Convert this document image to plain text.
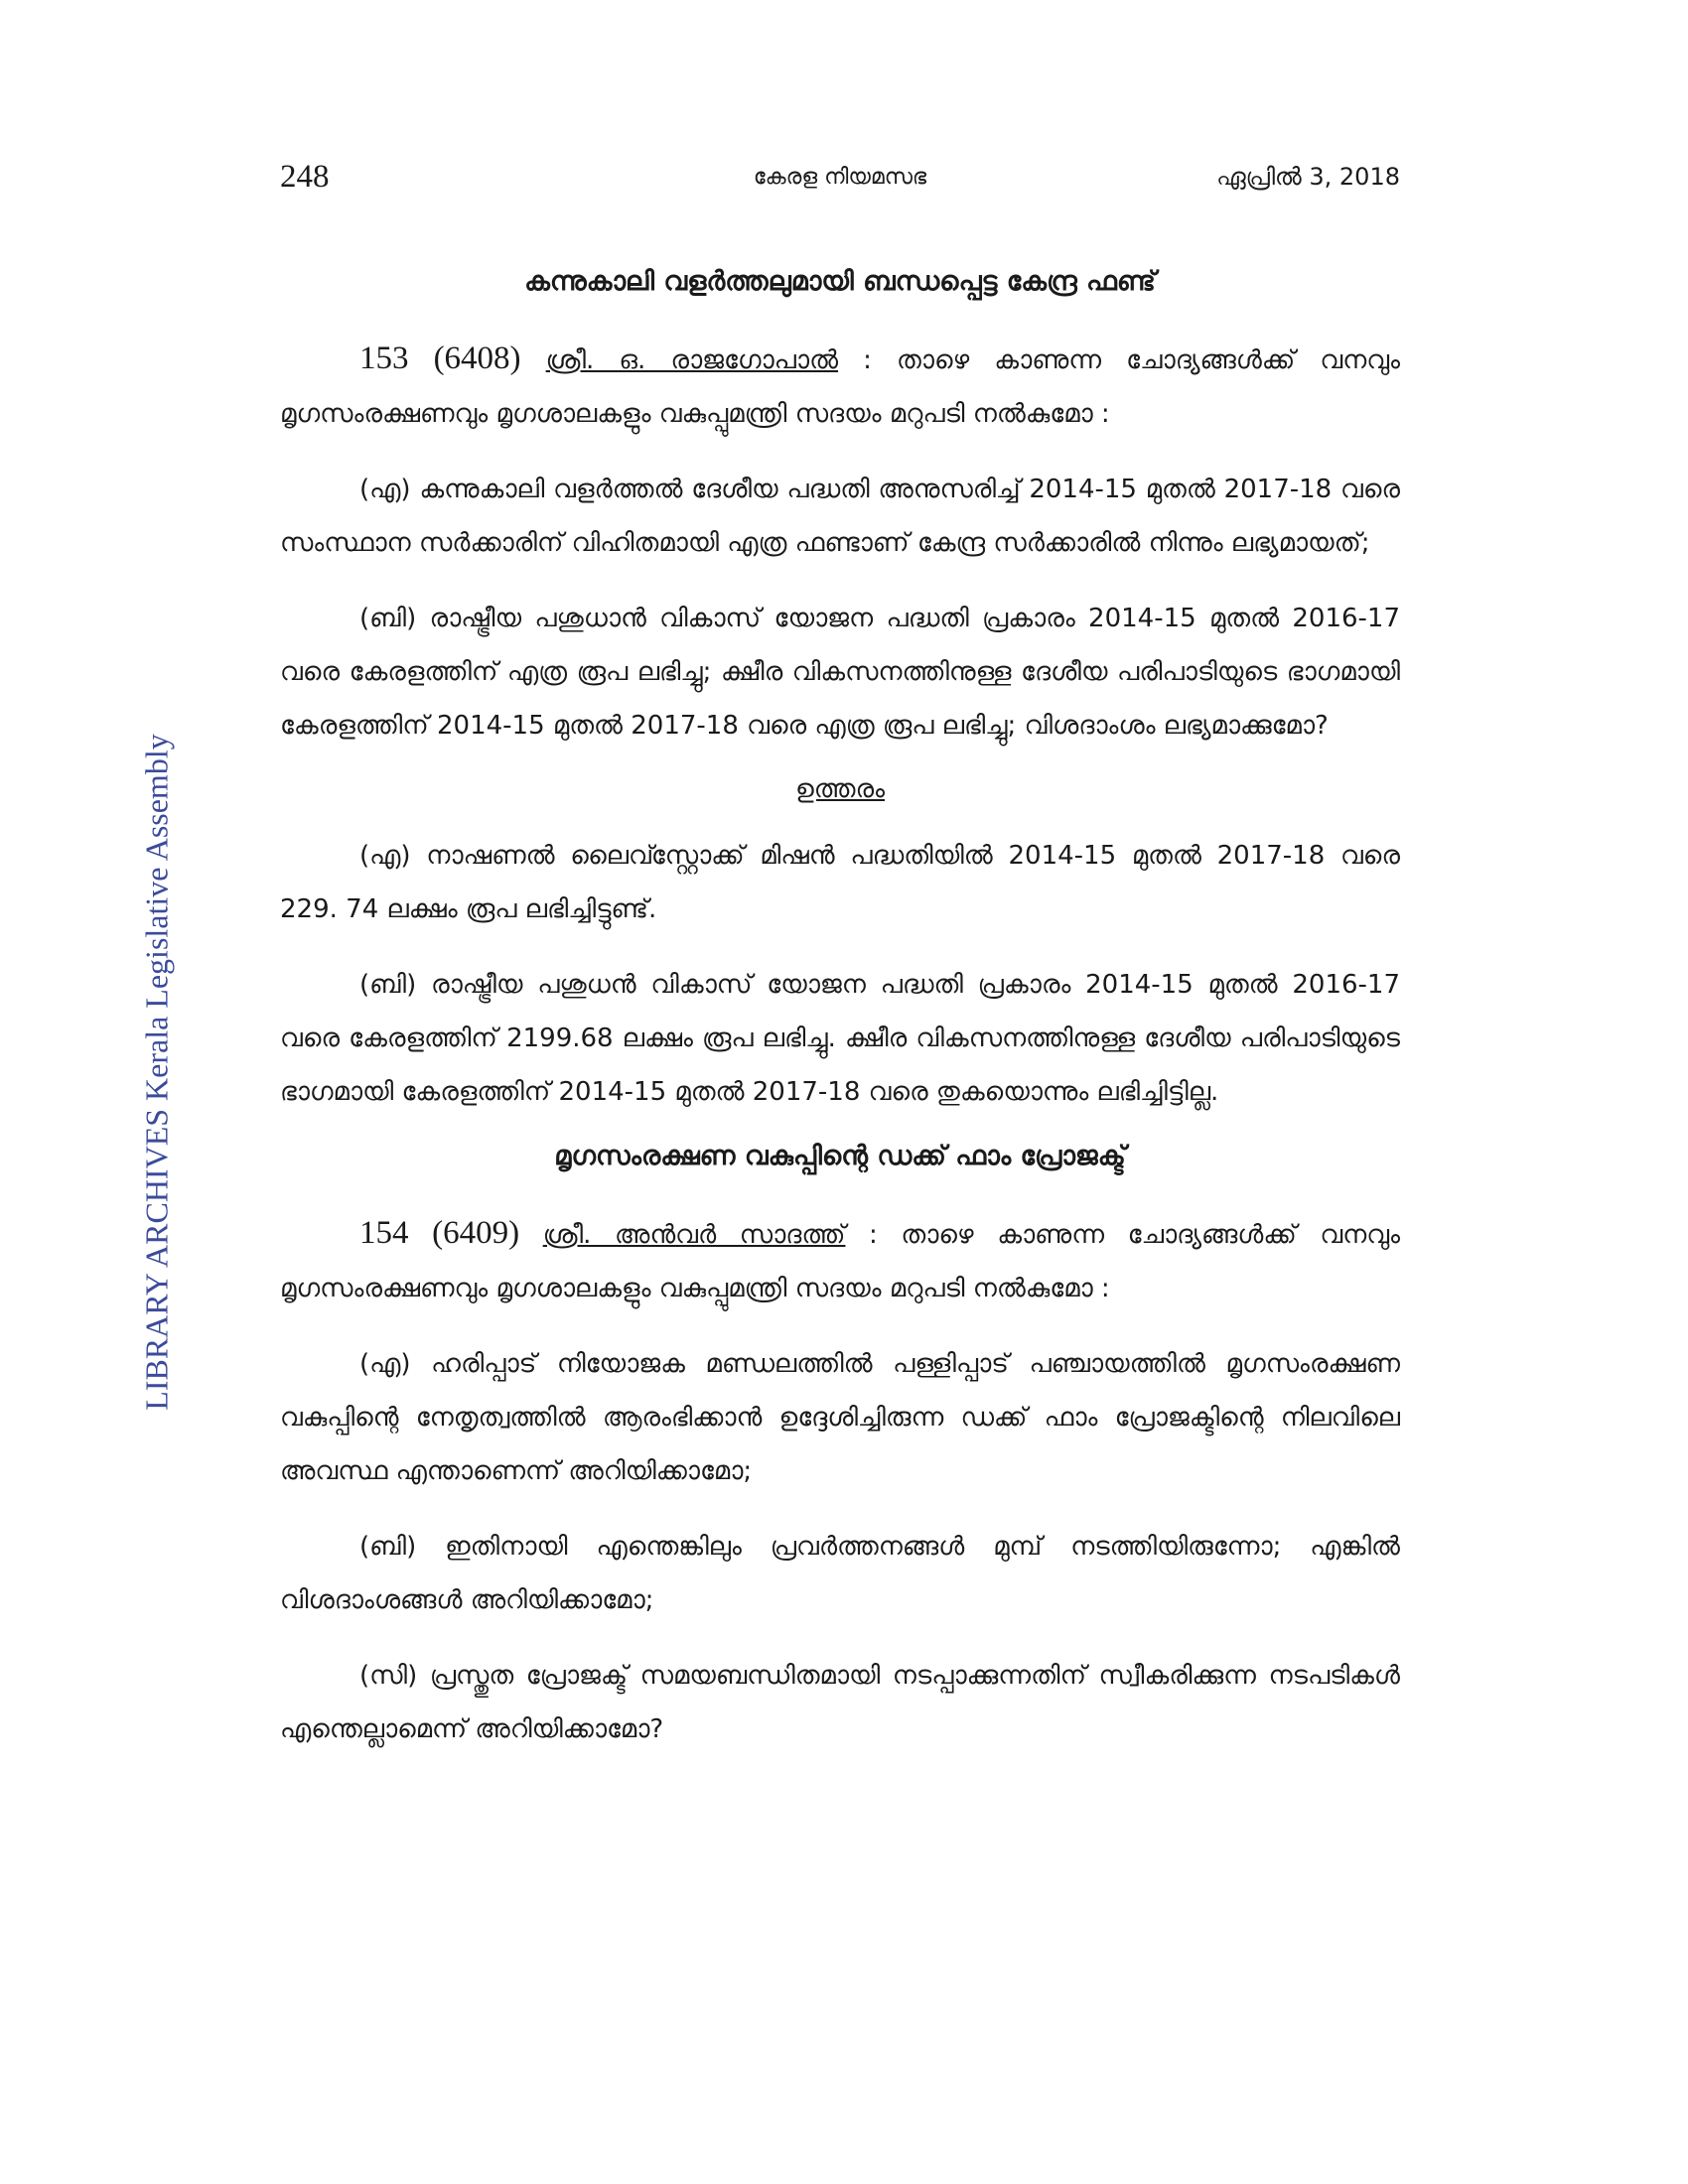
248	കേരള നിയമസഭ	ഏപ്രിൽ 3, 2018
LIBRARY ARCHIVES Kerala Legislative Assembly
കന്നുകാലി വളർത്തലുമായി ബന്ധപ്പെട്ട കേന്ദ്ര ഫണ്ട്

153 (6408) ശ്രീ. ഒ. രാജഗോപാൽ : താഴെ കാണുന്ന ചോദ്യങ്ങൾക്ക് വനവും മൃഗസംരക്ഷണവും മൃഗശാലകളും വകുപ്പുമന്ത്രി സദയം മറുപടി നൽകുമോ :

(എ) കന്നുകാലി വളർത്തൽ ദേശീയ പദ്ധതി അനുസരിച്ച് 2014-15 മുതൽ 2017-18 വരെ സംസ്ഥാന സർക്കാരിന് വിഹിതമായി എത്ര ഫണ്ടാണ് കേന്ദ്ര സർക്കാരിൽ നിന്നും ലഭ്യമായത്;

(ബി) രാഷ്ട്രീയ പശുധാൻ വികാസ് യോജന പദ്ധതി പ്രകാരം 2014-15 മുതൽ 2016-17 വരെ കേരളത്തിന് എത്ര രൂപ ലഭിച്ചു; ക്ഷീര വികസനത്തിനുള്ള ദേശീയ പരിപാടിയുടെ ഭാഗമായി കേരളത്തിന് 2014-15 മുതൽ 2017-18 വരെ എത്ര രൂപ ലഭിച്ചു; വിശദാംശം ലഭ്യമാക്കുമോ?

ഉത്തരം

(എ) നാഷണൽ ലൈവ്സ്റ്റോക്ക് മിഷൻ പദ്ധതിയിൽ 2014-15 മുതൽ 2017-18 വരെ 229. 74 ലക്ഷം രൂപ ലഭിച്ചിട്ടുണ്ട്.

(ബി) രാഷ്ട്രീയ പശുധൻ വികാസ് യോജന പദ്ധതി പ്രകാരം 2014-15 മുതൽ 2016-17 വരെ കേരളത്തിന് 2199.68 ലക്ഷം രൂപ ലഭിച്ചു. ക്ഷീര വികസനത്തിനുള്ള ദേശീയ പരിപാടിയുടെ ഭാഗമായി കേരളത്തിന് 2014-15 മുതൽ 2017-18 വരെ തുകയൊന്നും ലഭിച്ചിട്ടില്ല.

മൃഗസംരക്ഷണ വകുപ്പിന്റെ ഡക്ക് ഫാം പ്രോജക്ട്

154 (6409) ശ്രീ. അൻവർ സാദത്ത് : താഴെ കാണുന്ന ചോദ്യങ്ങൾക്ക് വനവും മൃഗസംരക്ഷണവും മൃഗശാലകളും വകുപ്പുമന്ത്രി സദയം മറുപടി നൽകുമോ :

(എ) ഹരിപ്പാട് നിയോജക മണ്ഡലത്തിൽ പള്ളിപ്പാട് പഞ്ചായത്തിൽ മൃഗസംരക്ഷണ വകുപ്പിന്റെ നേതൃത്വത്തിൽ ആരംഭിക്കാൻ ഉദ്ദേശിച്ചിരുന്ന ഡക്ക് ഫാം പ്രോജക്ടിന്റെ നിലവിലെ അവസ്ഥ എന്താണെന്ന് അറിയിക്കാമോ;

(ബി) ഇതിനായി എന്തെങ്കിലും പ്രവർത്തനങ്ങൾ മുമ്പ് നടത്തിയിരുന്നോ; എങ്കിൽ വിശദാംശങ്ങൾ അറിയിക്കാമോ;

(സി) പ്രസ്തുത പ്രോജക്ട് സമയബന്ധിതമായി നടപ്പാക്കുന്നതിന് സ്വീകരിക്കുന്ന നടപടികൾ എന്തെല്ലാമെന്ന് അറിയിക്കാമോ?
